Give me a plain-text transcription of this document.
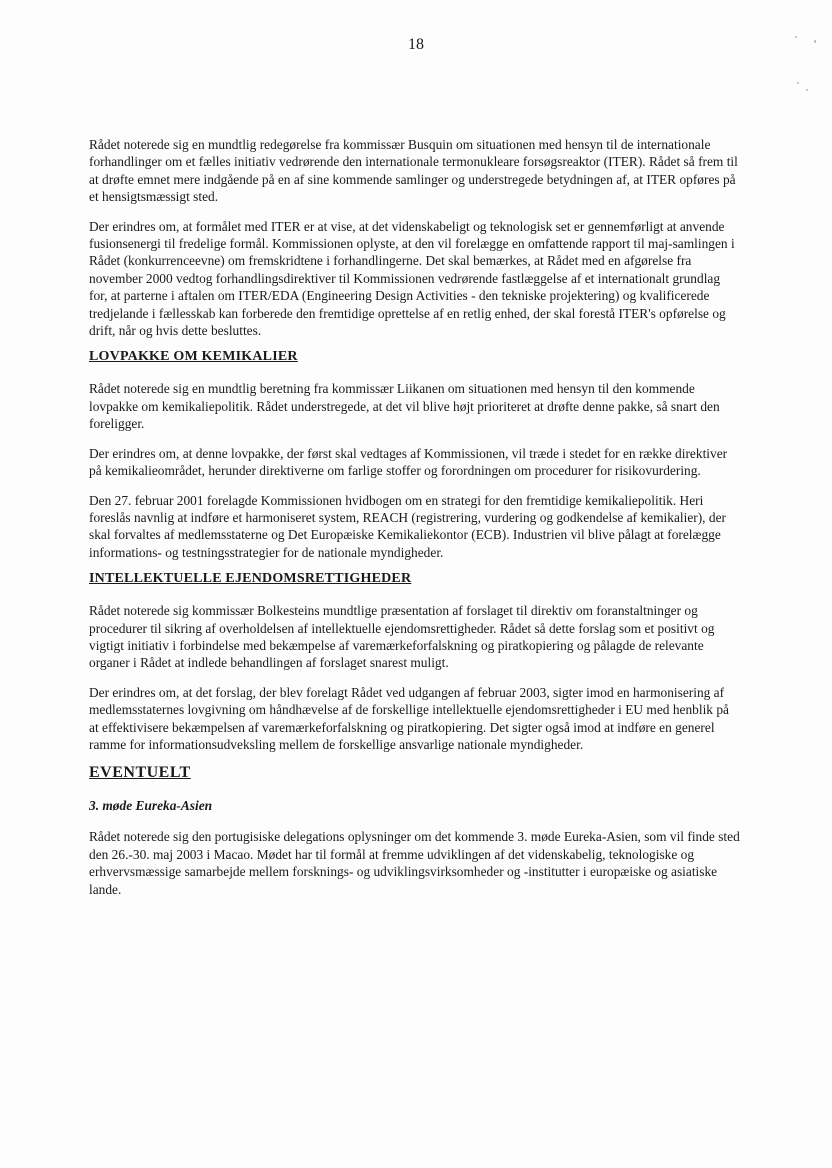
18

Rådet noterede sig en mundtlig redegørelse fra kommissær Busquin om situationen med hensyn til de internationale forhandlinger om et fælles initiativ vedrørende den internationale termonukleare forsøgsreaktor (ITER). Rådet så frem til at drøfte emnet mere indgående på en af sine kommende samlinger og understregede betydningen af, at ITER opføres på et hensigtsmæssigt sted.

Der erindres om, at formålet med ITER er at vise, at det videnskabeligt og teknologisk set er gennemførligt at anvende fusionsenergi til fredelige formål. Kommissionen oplyste, at den vil forelægge en omfattende rapport til maj-samlingen i Rådet (konkurrenceevne) om fremskridtene i forhandlingerne. Det skal bemærkes, at Rådet med en afgørelse fra november 2000 vedtog forhandlingsdirektiver til Kommissionen vedrørende fastlæggelse af et internationalt grundlag for, at parterne i aftalen om ITER/EDA (Engineering Design Activities - den tekniske projektering) og kvalificerede tredjelande i fællesskab kan forberede den fremtidige oprettelse af en retlig enhed, der skal forestå ITER's opførelse og drift, når og hvis dette besluttes.

LOVPAKKE OM KEMIKALIER

Rådet noterede sig en mundtlig beretning fra kommissær Liikanen om situationen med hensyn til den kommende lovpakke om kemikaliepolitik. Rådet understregede, at det vil blive højt prioriteret at drøfte denne pakke, så snart den foreligger.

Der erindres om, at denne lovpakke, der først skal vedtages af Kommissionen, vil træde i stedet for en række direktiver på kemikalieområdet, herunder direktiverne om farlige stoffer og forordningen om procedurer for risikovurdering.

Den 27. februar 2001 forelagde Kommissionen hvidbogen om en strategi for den fremtidige kemikaliepolitik. Heri foreslås navnlig at indføre et harmoniseret system, REACH (registrering, vurdering og godkendelse af kemikalier), der skal forvaltes af medlemsstaterne og Det Europæiske Kemikaliekontor (ECB). Industrien vil blive pålagt at forelægge informations- og testningsstrategier for de nationale myndigheder.

INTELLEKTUELLE EJENDOMSRETTIGHEDER

Rådet noterede sig kommissær Bolkesteins mundtlige præsentation af forslaget til direktiv om foranstaltninger og procedurer til sikring af overholdelsen af intellektuelle ejendomsrettigheder. Rådet så dette forslag som et positivt og vigtigt initiativ i forbindelse med bekæmpelse af varemærkeforfalskning og piratkopiering og pålagde de relevante organer i Rådet at indlede behandlingen af forslaget snarest muligt.

Der erindres om, at det forslag, der blev forelagt Rådet ved udgangen af februar 2003, sigter imod en harmonisering af medlemsstaternes lovgivning om håndhævelse af de forskellige intellektuelle ejendomsrettigheder i EU med henblik på at effektivisere bekæmpelsen af varemærkeforfalskning og piratkopiering. Det sigter også imod at indføre en generel ramme for informationsudveksling mellem de forskellige ansvarlige nationale myndigheder.

EVENTUELT
3. møde Eureka-Asien

Rådet noterede sig den portugisiske delegations oplysninger om det kommende 3. møde Eureka-Asien, som vil finde sted den 26.-30. maj 2003 i Macao. Mødet har til formål at fremme udviklingen af det videnskabelig, teknologiske og erhvervsmæssige samarbejde mellem forsknings- og udviklingsvirksomheder og -institutter i europæiske og asiatiske lande.
